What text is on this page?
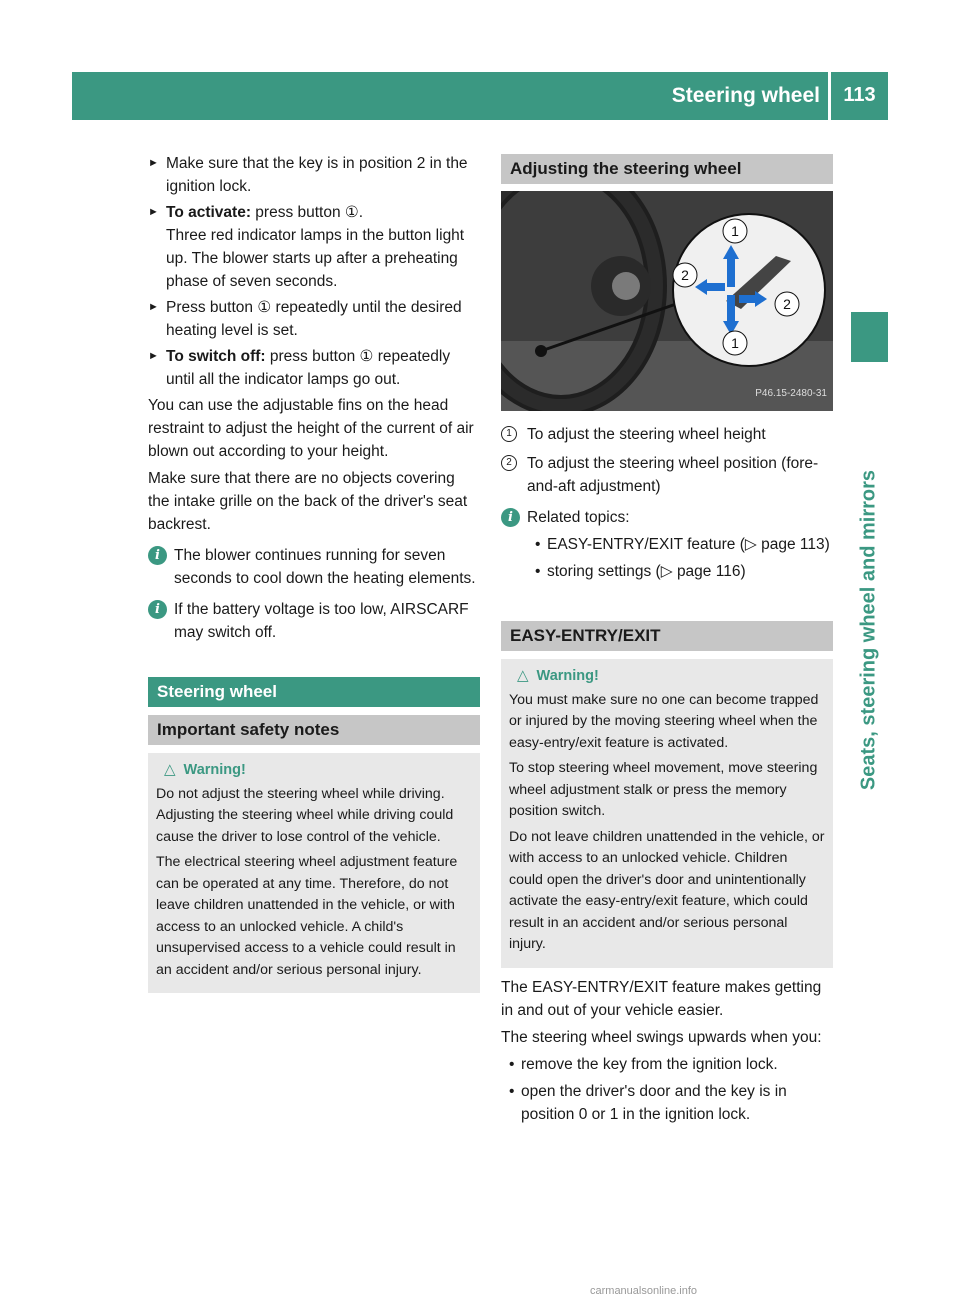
Steering wheel	113
Seats, steering wheel and mirrors
► Make sure that the key is in position 2 in the ignition lock.
► To activate: press button ①.
Three red indicator lamps in the button light up. The blower starts up after a preheating phase of seven seconds.
► Press button ① repeatedly until the desired heating level is set.
► To switch off: press button ① repeatedly until all the indicator lamps go out.

You can use the adjustable fins on the head restraint to adjust the height of the current of air blown out according to your height.

Make sure that there are no objects covering the intake grille on the back of the driver's seat backrest.

i The blower continues running for seven seconds to cool down the heating elements.
i If the battery voltage is too low, AIRSCARF may switch off.
Steering wheel
Important safety notes
△ Warning!

Do not adjust the steering wheel while driving. Adjusting the steering wheel while driving could cause the driver to lose control of the vehicle.

The electrical steering wheel adjustment feature can be operated at any time. Therefore, do not leave children unattended in the vehicle, or with access to an unlocked vehicle. A child's unsupervised access to a vehicle could result in an accident and/or serious personal injury.

Adjusting the steering wheel
1
2
2
1
P46.15-2480-31
1 To adjust the steering wheel height
2 To adjust the steering wheel position (fore-and-aft adjustment)
i Related topics:
• EASY-ENTRY/EXIT feature (▷ page 113)
• storing settings (▷ page 116)
EASY-ENTRY/EXIT
△ Warning!

You must make sure no one can become trapped or injured by the moving steering wheel when the easy-entry/exit feature is activated.

To stop steering wheel movement, move steering wheel adjustment stalk or press the memory position switch.

Do not leave children unattended in the vehicle, or with access to an unlocked vehicle. Children could open the driver's door and unintentionally activate the easy-entry/exit feature, which could result in an accident and/or serious personal injury.

The EASY-ENTRY/EXIT feature makes getting in and out of your vehicle easier.

The steering wheel swings upwards when you:

• remove the key from the ignition lock.
• open the driver's door and the key is in position 0 or 1 in the ignition lock.
carmanualsonline.info
